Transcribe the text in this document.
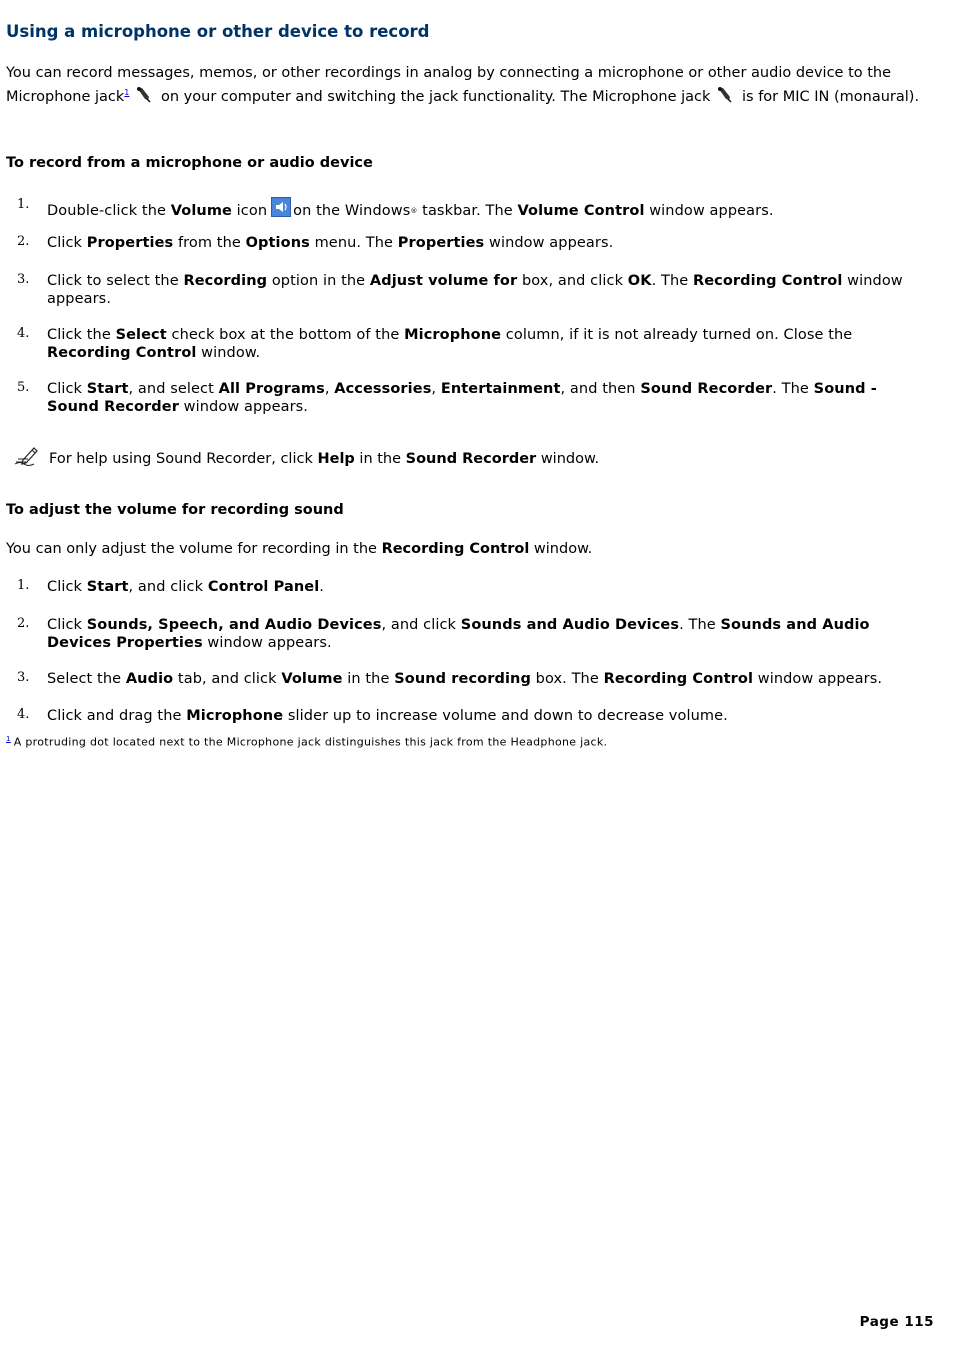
Using a microphone or other device to record

You can record messages, memos, or other recordings in analog by connecting a microphone or other audio device to the Microphone jack$^1$ on your computer and switching the jack functionality. The Microphone jack is for MIC IN (monaural).

To record from a microphone or audio device
1. Double-click the Volume icon on the Windows® taskbar. The Volume Control window appears.
2. Click Properties from the Options menu. The Properties window appears.
3. Click to select the Recording option in the Adjust volume for box, and click OK. The Recording Control window appears.
4. Click the Select check box at the bottom of the Microphone column, if it is not already turned on. Close the Recording Control window.
5. Click Start, and select All Programs, Accessories, Entertainment, and then Sound Recorder. The Sound - Sound Recorder window appears.
For help using Sound Recorder, click Help in the Sound Recorder window.
To adjust the volume for recording sound

You can only adjust the volume for recording in the Recording Control window.

1. Click Start, and click Control Panel.
2. Click Sounds, Speech, and Audio Devices, and click Sounds and Audio Devices. The Sounds and Audio Devices Properties window appears.
3. Select the Audio tab, and click Volume in the Sound recording box. The Recording Control window appears.
4. Click and drag the Microphone slider up to increase volume and down to decrease volume.
$^1$ A protruding dot located next to the Microphone jack distinguishes this jack from the Headphone jack.
Page 115
